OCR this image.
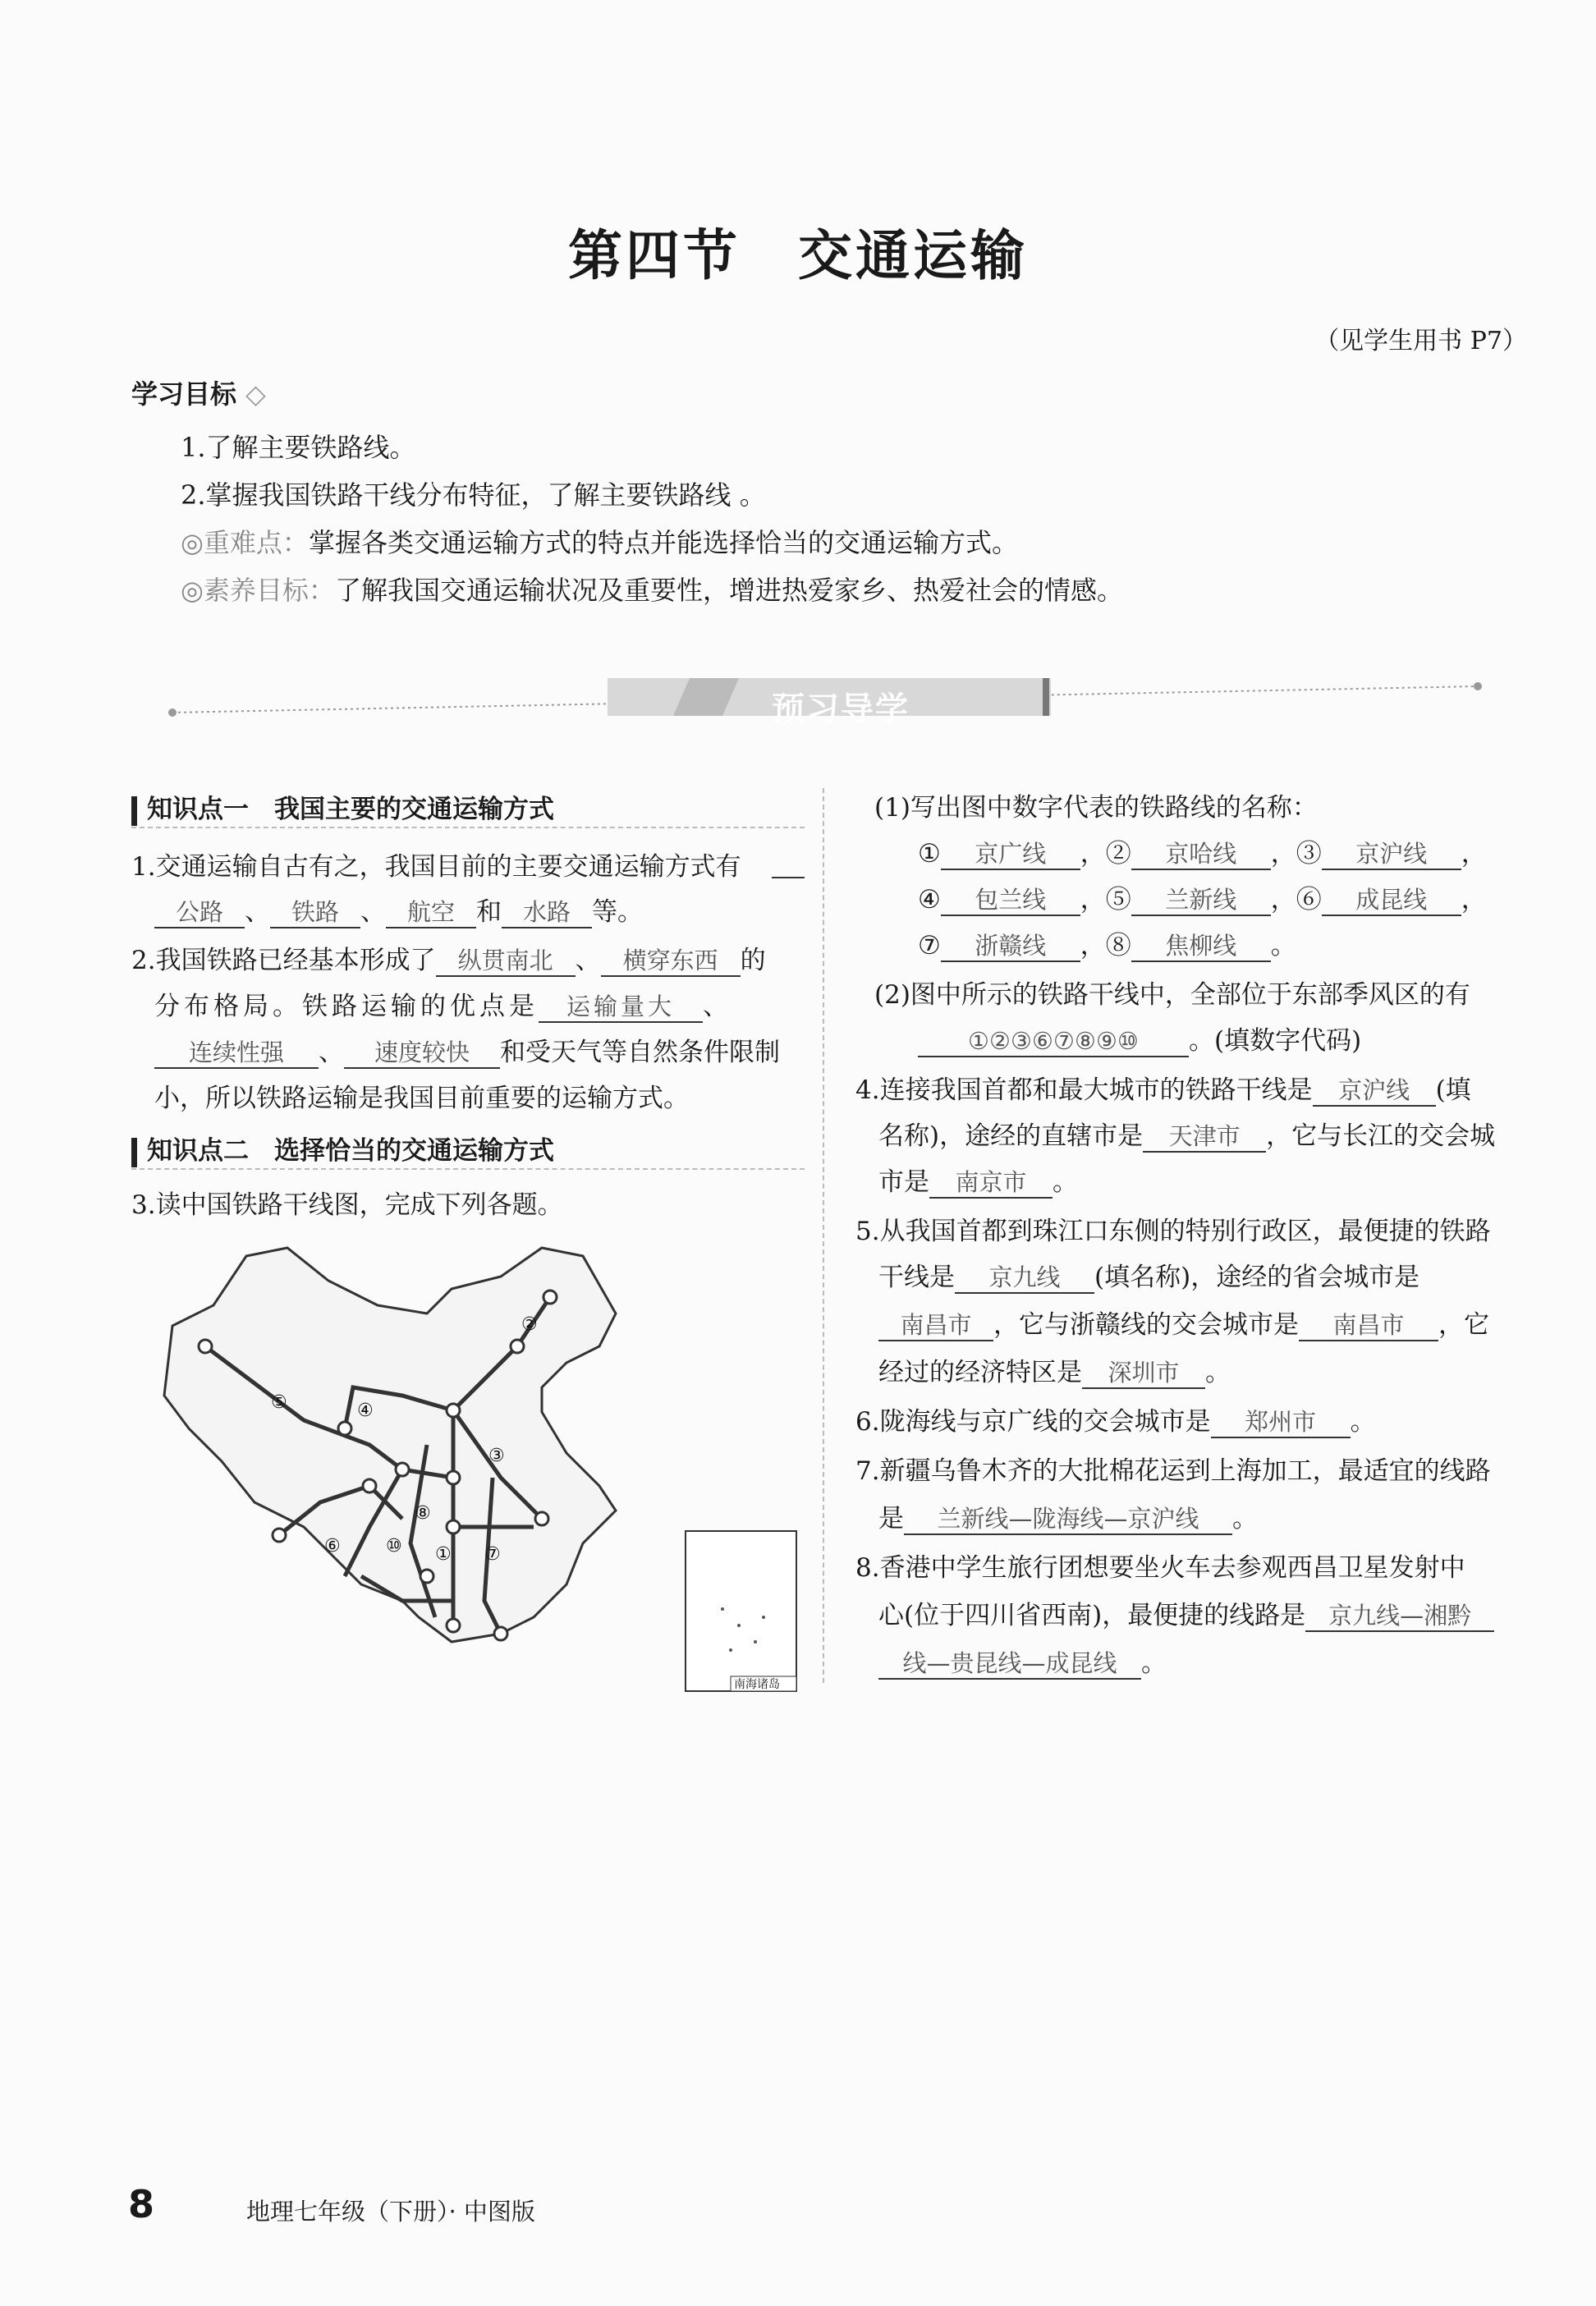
第四节　交通运输
（见学生用书 P7）
学习目标 ◇
1.了解主要铁路线。
2.掌握我国铁路干线分布特征，了解主要铁路线 。
◎重难点：掌握各类交通运输方式的特点并能选择恰当的交通运输方式。
◎素养目标：了解我国交通运输状况及重要性，增进热爱家乡、热爱社会的情感。
预习导学
知识点一　我国主要的交通运输方式
1.交通运输自古有之，我国目前的主要交通运输方式有
公路 、 铁路 、 航空 和 水路 等。
2.我国铁路已经基本形成了 纵贯南北 、 横穿东西 的
分布格局。铁路运输的优点是 运输量大 、
连续性强 、 速度较快 和受天气等自然条件限制
小，所以铁路运输是我国目前重要的运输方式。
知识点二　选择恰当的交通运输方式
3.读中国铁路干线图，完成下列各题。
①
②
③
④
⑤
⑥	⑦
⑧
⑩
南海诸岛
(1)写出图中数字代表的铁路线的名称：
① 京广线 ，② 京哈线 ，③ 京沪线 ，
④ 包兰线 ，⑤ 兰新线 ，⑥ 成昆线 ，
⑦ 浙赣线 ，⑧ 焦柳线 。
(2)图中所示的铁路干线中，全部位于东部季风区的有
①②③⑥⑦⑧⑨⑩ 。(填数字代码)
4.连接我国首都和最大城市的铁路干线是 京沪线 (填
名称)，途经的直辖市是 天津市 ，它与长江的交会城
市是 南京市 。
5.从我国首都到珠江口东侧的特别行政区，最便捷的铁路
干线是 京九线 (填名称)，途经的省会城市是
南昌市 ，它与浙赣线的交会城市是 南昌市 ，它
经过的经济特区是 深圳市 。
6.陇海线与京广线的交会城市是 郑州市 。
7.新疆乌鲁木齐的大批棉花运到上海加工，最适宜的线路
是 兰新线—陇海线—京沪线 。
8.香港中学生旅行团想要坐火车去参观西昌卫星发射中
心(位于四川省西南)，最便捷的线路是 京九线—湘黔
线—贵昆线—成昆线 。
8	地理七年级（下册）· 中图版
